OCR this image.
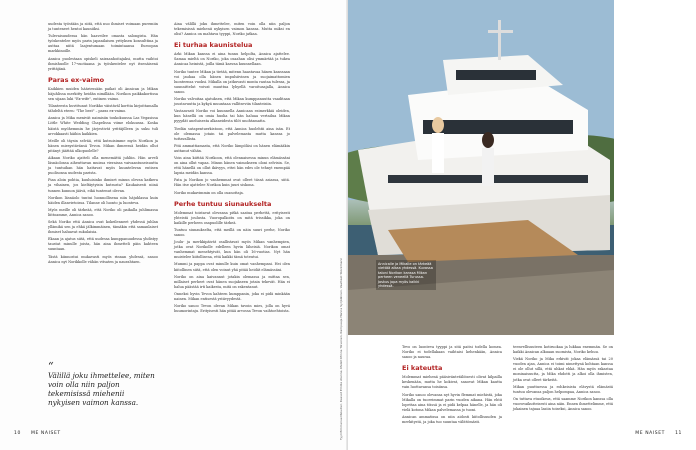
uudesta työstään ja siitä, että nuo ihmiset voimaan puremiin ja tunteneet hentoi kauniiksi.

Tulevaisuudessa hän haaveilee omasta salongista. Hän työskentelee myös parin japanilaisen yrityksen konsulttina ja auttaa niitä laajentumaan toimintaansa Euroopan markkinoille.

Annica puolestaan opiskeli sairaanhoitajaksi, mutta vaihtoi ihmishuolle 17-vuotiaana ja työskentelee nyt itsenäisenä yrittäjänä.

Paras ex-vaimo

Kaikkien muiden hääriessään paikat oli Annican ja Mikan häjuhlissa merkitty heidän nimillään. Norikon paikkakortissa sen sijaan luki "Ex-wife", entinen vaimo.

Tilanteesta huvittunut Norikko väistäväl korttia kirjoittamalla tähdeltä eteen: "The best" – paras ex-vaimo.

Annica ja Mika menivät naimisiin toukokuussa Las Vegasissa Little White Wedding Chapelissa viime elokuussa. Koska häistä myöhemmin he järjestivät yrittäjilleen ja suku tuli arvokkaasti häihin kaikkien.

Meille oli täysin selvää, että kutsuisimme myös Norikon ja hänen miesystävänsä Tevon. Mikan ihmeessä heidän ollut pitänyt jäättää ulkopuolelle?

Aikaan Noriko ajatteli olla menemättä juhliin. Hän arveli läsnäolonsa aiheuttavan muissa vieraissa vaivaantuneisuutta ja tuntuihan hän hattavat myös kuuntelevan entisen puolisonsa uudesta parista.

Pian aloin pohtia, kuuluisinko ihmiset minun olevan katkera ja vihainen, jos kieltäytyisin kutsusta? Kaukaisesti niinä tunnen kunnon jäävä, eikä tuntenut olevan.

Norikon läsnäolo tuntui luonnollisena niin häjuhlassa kuin häiden illanvietoissa. Tilanne oli luonto ja luonteva.

Myös meille oli tärkeää, että Noriko oli paikalla juhlimassa liittoamme, Annica sanoo.

Sekä Noriko että Annica ovat kokeilenneet yhdessä juhlan yllämikä sen ja ehkä jälkimmäinen, tämäkin että samanlaiset ihmiset haluavat sukulaisia.

Ekaan ja ajatus siitä, että uudessa kumppanuudessa yhdistyy taustat minulle joista, hän aina ihmetteli päin kahteen suuntaan.

Tästä kiinnostui mukavasti myös rinnan yhdessä, sanoo Annica nyt Norikkolle vähän vitsaten ja naurahtaen.

“
Välillä joku ihmettelee, miten voin olla niin paljon tekemisissä miehenii nykyisen vaimon kanssa.

Aina välillä joku ihmettelee, miten voin olla niin paljon tekemisissä miehenii nykyisen vaimon kanssa. Mutta miksi en olisi? Annica on mahtava tyyppi, Noriko jatkaa.

Ei turhaa kaunistelua

Arki Mikan kanssa ei aina tunnu helpolta, Annica ajattelee. Samaa mieltä on Noriko, joka osaahan olisi ymmärtää ja tukea Annicaa heinistä, joilla tämä kasvaa kuunnellaan.

Noriko tuntee Mikan ja tietää, mitenn haastavaa hänen kanssaan voi jauhaa olla hänen impulsiivinen ja suojaimattomien luonteensa vuoksi. Mikalla on jatkuvasti monta rautaa tulessa, ja suunnittelut voivat muuttua lyhyellä varoitusajalla, Annica sanoo.

Noriko valvoitaa ajatuksen, että Mikan kumppanuutta vaaditaan joustavuutta ja kykyä muuntaaa vallitseviin tilanteisiin.

Vastaavasti Noriko voi kuunnella Annicaan esimerkkiä oleiden, kun hänellä on omia huolia tai hän haluaa vertailua Mikan pyyydät aneluisesta alkaneidesta tilöt unohtamatta.

Tiedän sutapentuerkistoon, että Annica huolehtii aina isän. Et ole olemassa jotain tai palvelemasta mutta kanssa jo tuttavallista.

Pitä ammattiamasta, että Noriko lämpöläsi on hänen elämääkin auttanut vähän.

Voin aina kiittää Norikoon, että olennaisessa minun elämässäni on aina ollut vapaa. Minun hänen vaimokseen oloni selvisin. Se, että hänellä on ollut ikävyys, ettei hän edes ole tehnyt enempää lapsia meidän kanssa.

Pata ja Norikon jo vanhemmat ovat olleet tässä asiassa, siitä. Hän itse ajattelee Norikoa kuin juuri siskona.

Noriko mukavimmin on olla osanottaja.

Perhe tuntuu siunaukselta

Molemmat toistavat olevansa pitkä saatua perhettä, erityisesti yhteistä joulusta. Vuoropalkoitu on mitä trissikka, joka on kaikille perheen osapuolille tärkeä.

Tuntuu siunaukselta, että meillä on näin suuri perhe, Noriko sanoo.

Joulu- ja merkkipäivät osallistavat myös Mikan vanhempien, jotka ovat Norikolle edelleen hyvin läheisiä. Norikon omat vanhemmat menehtyivät, kun hän oli 16-vuotias. Nyt hän muistelee kiitollisena, että kaikki tämä toteutui.

Mummi ja pappa ovat minulle kuin omat vanhempani. Hei olen kiitollinen siitä, että olen voinut yhä pitää heidät elämässäni.

Noriko on aina kaivannut jotakin olemassa ja mittaa sen, millaiset perheet ovat hänen suojakseen jotain tekevät. Hän ei halua päästää irti kaikesta, mitä on rakentanut.

Onneksi hyvin Tevon kahteen kumppanin, joka ei pidä minkään nainen. Mikan entisestä ystävyydestä.

Noriko sanoo Tevon olevan Mikan tavoin mies, jolla on hyvä huumorintaju. Erityisesti hän pitää arvossa Tevon vaihtoehtoista.

10 ME NAISET
Annicalle ja Mikalle on tärkeää viettää aikaa yhdessä. Kuvassa taloni Norikon kanssa Mikan perheen veneellä Turussa. Joskus jopa myös kaikki yhdessä.
Tyyli Emmanuel Roudier, Kasvot Emilie Alanne, Meikit Minna Toivonen, Kampaaja Hanna Syrjäläinen, Vaatteet Stockmann	Tevo on luonteva tyyppi ja sitä paitsi todella komea. Noriko ei todellakaan vaihtaisi kehenkään, Annica sanoo ja nauraa.

Ei kateutta

Molemmat miehenä pääsiväntetälöisesti olivat kilpailla keskenään, mutta he kokivat, sanovat Mikan kautta vain luottavansa toisiinsa.

Noriko sanoo olevansa nyt hyvin flemmat miehistä, joka Mikalla on tuoreimmat parin vuoden aikana. Hän ehtii lopettaa aina töissä ja ei pidä kelpaa hänelle, ja hän oli vielä kotona Mikan palvelemassa jo tuoni.

Annican ammatissa on niin aidosti kiitollisuuden ja merkitystä, ja joka tuo suuntaa välittömästi.

teenvellisuuteen kotiruokaa ja lukkaa enemmän. Se on kaikki Annican alkuaan suomista, Noriko kehuu.

Viekä Noriko ja Mika erkivät jokaa elämässä tai 20 vuoden ajan, Annica ei toimi nimettynä kohtaan kanssa ei ole ollut sillä, että uhkat ehkä. Hän myös rakastaa moninaisuutta, ja Mika ehdotti ja alkoi olla ihmisten, jotka ovat olleet tärkeitä.

Mikan puuttuessa ja rohkeisista elävystä elämästä tuntuu olevansa paljon helpompaa, Annica sanoo.

On tuttava etuoikeus, että saamme Norikon kanssa olla vuorovaikutteisesti aina näin. Ennen ihmettelimme, että jokainen tajuaa lasiin toiseksi, Annica sanoo.

ME NAISET 11
